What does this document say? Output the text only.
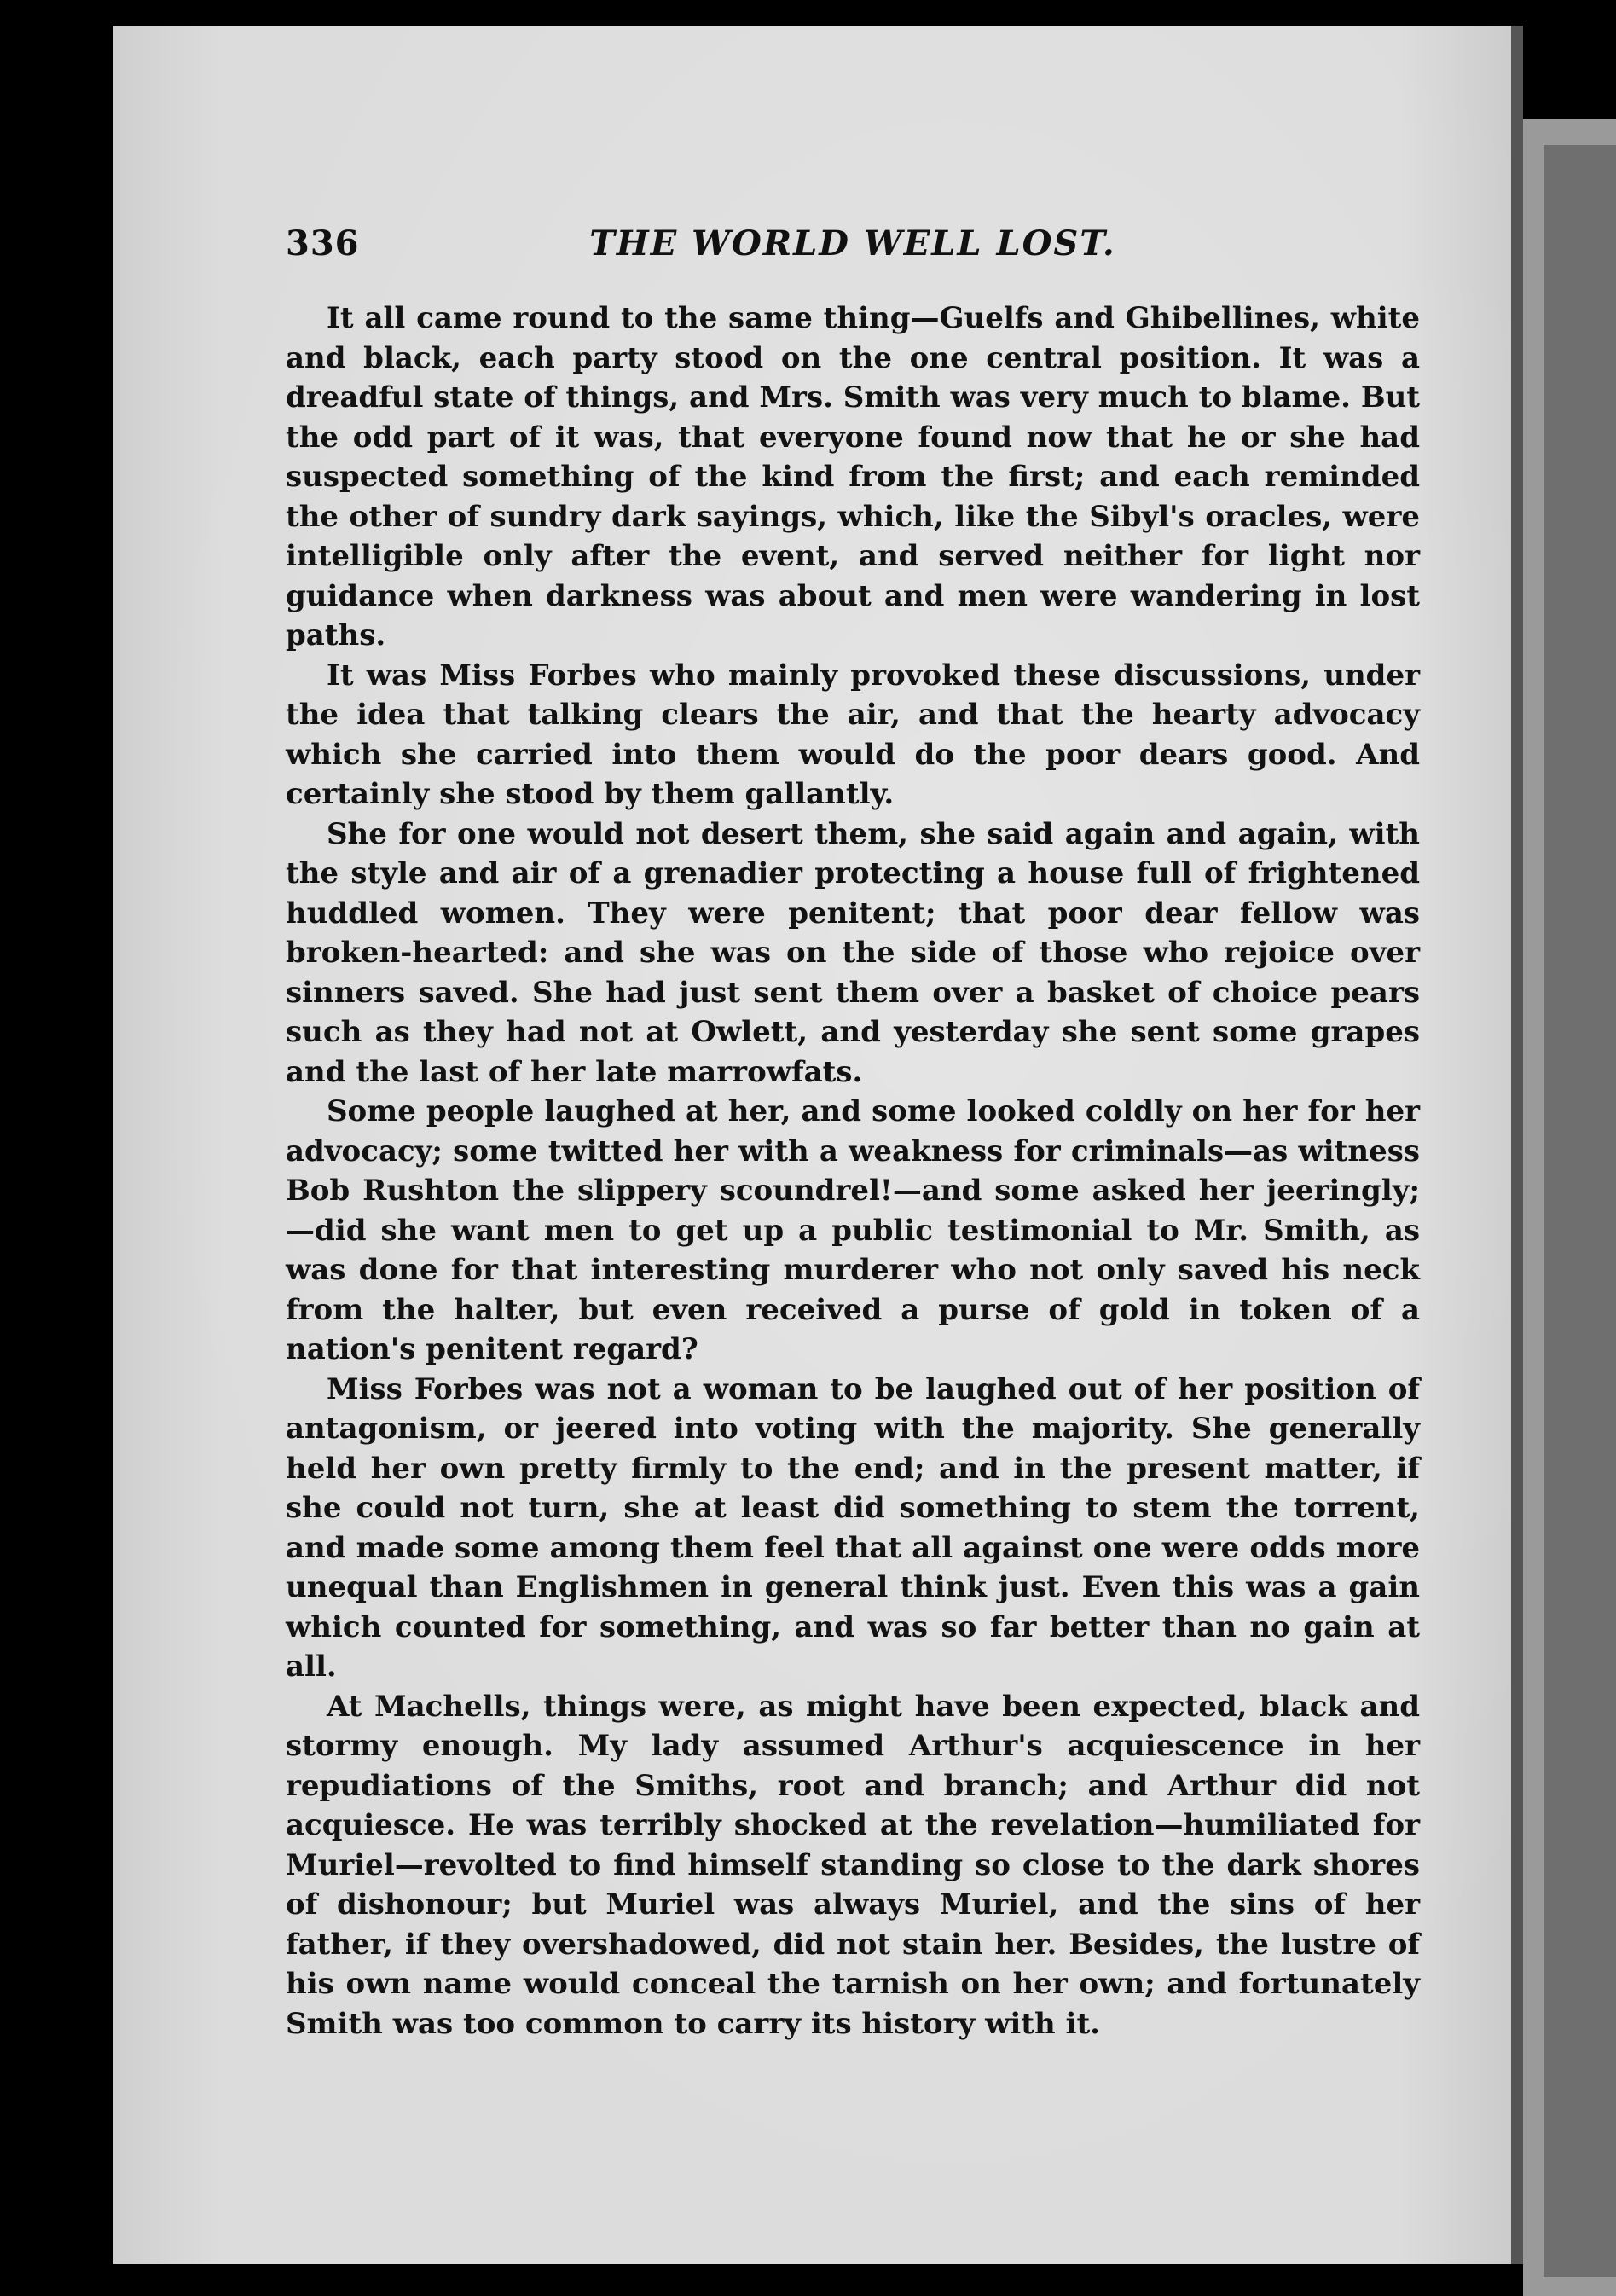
336	THE WORLD WELL LOST.

It all came round to the same thing—Guelfs and Ghibellines, white and black, each party stood on the one central position. It was a dreadful state of things, and Mrs. Smith was very much to blame. But the odd part of it was, that everyone found now that he or she had suspected something of the kind from the first; and each reminded the other of sundry dark sayings, which, like the Sibyl's oracles, were intelligible only after the event, and served neither for light nor guidance when darkness was about and men were wandering in lost paths.

It was Miss Forbes who mainly provoked these discussions, under the idea that talking clears the air, and that the hearty advocacy which she carried into them would do the poor dears good. And certainly she stood by them gallantly.

She for one would not desert them, she said again and again, with the style and air of a grenadier protecting a house full of frightened huddled women. They were penitent; that poor dear fellow was broken-hearted: and she was on the side of those who rejoice over sinners saved. She had just sent them over a basket of choice pears such as they had not at Owlett, and yesterday she sent some grapes and the last of her late marrowfats.

Some people laughed at her, and some looked coldly on her for her advocacy; some twitted her with a weakness for criminals—as witness Bob Rushton the slippery scoundrel!—and some asked her jeeringly;—did she want men to get up a public testimonial to Mr. Smith, as was done for that interesting murderer who not only saved his neck from the halter, but even received a purse of gold in token of a nation's penitent regard?

Miss Forbes was not a woman to be laughed out of her position of antagonism, or jeered into voting with the majority. She generally held her own pretty firmly to the end; and in the present matter, if she could not turn, she at least did something to stem the torrent, and made some among them feel that all against one were odds more unequal than Englishmen in general think just. Even this was a gain which counted for something, and was so far better than no gain at all.

At Machells, things were, as might have been expected, black and stormy enough. My lady assumed Arthur's acquiescence in her repudiations of the Smiths, root and branch; and Arthur did not acquiesce. He was terribly shocked at the revelation—humiliated for Muriel—revolted to find himself standing so close to the dark shores of dishonour; but Muriel was always Muriel, and the sins of her father, if they overshadowed, did not stain her. Besides, the lustre of his own name would conceal the tarnish on her own; and fortunately Smith was too common to carry its history with it.
